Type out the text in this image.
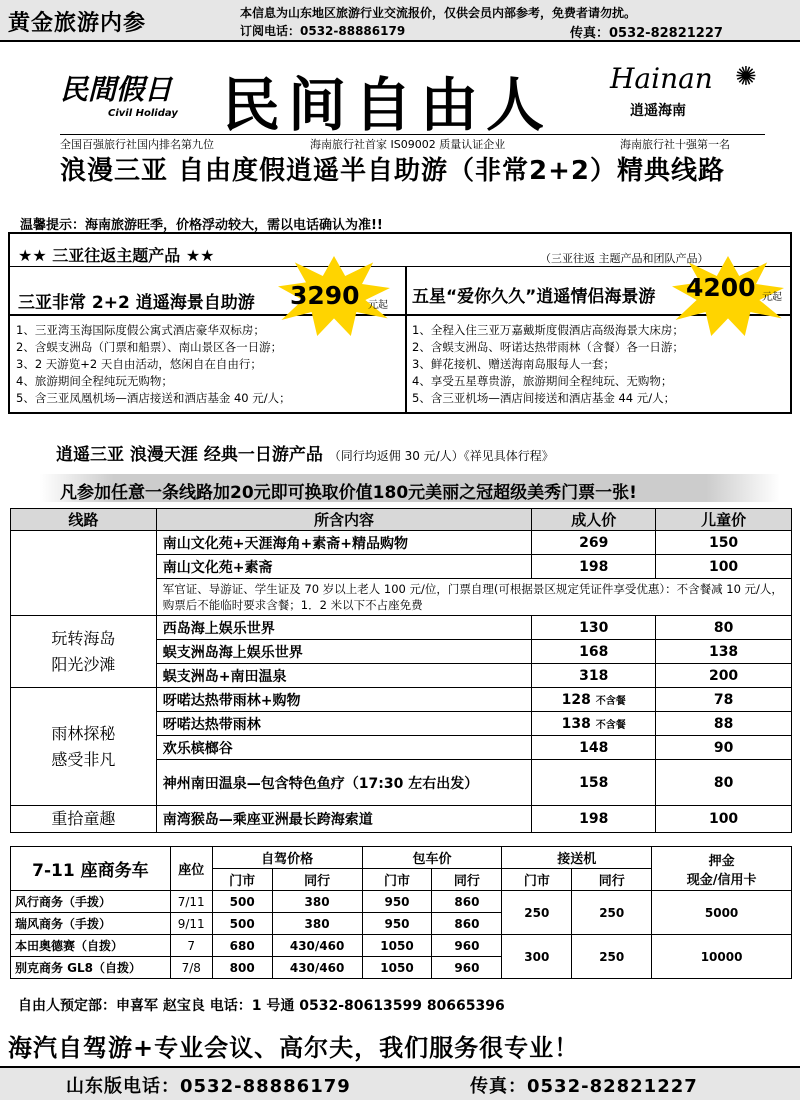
黄金旅游内参	本信息为山东地区旅游行业交流报价，仅供会员内部参考，免费者请勿扰。
订阅电话：0532-88886179	传真：0532-82821227
民間假日
Civil Holiday 民间自由人 Hainan ✺
逍遥海南
全国百强旅行社国内排名第九位	海南旅行社首家 IS09002 质量认证企业	海南旅行社十强第一名
浪漫三亚 自由度假逍遥半自助游（非常2+2）精典线路
温馨提示：海南旅游旺季，价格浮动较大，需以电话确认为准!!
★★ 三亚往返主题产品 ★★	（三亚往返 主题产品和团队产品）
三亚非常 2+2 逍遥海景自助游 3290 元起 五星“爱你久久”逍遥情侣海景游 4200 元起
1、三亚湾玉海国际度假公寓式酒店豪华双标房；
2、含蜈支洲岛（门票和船票）、南山景区各一日游；
3、2 天游览+2 天自由活动，悠闲自在自由行；
4、旅游期间全程纯玩无购物；
5、含三亚凤凰机场—酒店接送和酒店基金 40 元/人；
1、全程入住三亚万嘉戴斯度假酒店高级海景大床房；
2、含蜈支洲岛、呀诺达热带雨林（含餐）各一日游；
3、鲜花接机、赠送海南岛服每人一套；
4、享受五星尊贵游，旅游期间全程纯玩、无购物；
5、含三亚机场—酒店间接送和酒店基金 44 元/人；
逍遥三亚 浪漫天涯 经典一日游产品 （同行均返佣 30 元/人）《祥见具体行程》
凡参加任意一条线路加20元即可换取价值180元美丽之冠超级美秀门票一张!
线路	所含内容	成人价	儿童价
	南山文化苑+天涯海角+素斋+精品购物	269	150
	南山文化苑+素斋	198	100
	军官证、导游证、学生证及 70 岁以上老人 100 元/位，门票自理(可根据景区规定凭证件享受优惠）：不含餐减 10 元/人，购票后不能临时要求含餐；1．2 米以下不占座免费		

玩转海岛
阳光沙滩	西岛海上娱乐世界	130	80
	蜈支洲岛海上娱乐世界	168	138
	蜈支洲岛+南田温泉	318	200

雨林探秘
感受非凡	呀喏达热带雨林+购物	128 不含餐	78
	呀喏达热带雨林	138 不含餐	88
	欢乐槟榔谷	148	90
	神州南田温泉—包含特色鱼疗（17:30 左右出发）	158	80
重拾童趣	南湾猴岛—乘座亚洲最长跨海索道	198	100
7-11 座商务车	座位	自驾价格		包车价		接送机		押金
现金/信用卡

		门市	同行	门市	同行	门市	同行	
风行商务（手拨）	7/11	500	380	950	860	250	250	5000
瑞风商务（手拨）	9/11	500	380	950	860			
本田奥德赛（自拨）	7	680	430/460	1050	960	300	250	10000
别克商务 GL8（自拨）	7/8	800	430/460	1050	960			
自由人预定部：申喜军 赵宝良 电话：1 号通 0532-80613599 80665396
海汽自驾游+专业会议、高尔夫，我们服务很专业！
山东版电话：0532-88886179	传真：0532-82821227
